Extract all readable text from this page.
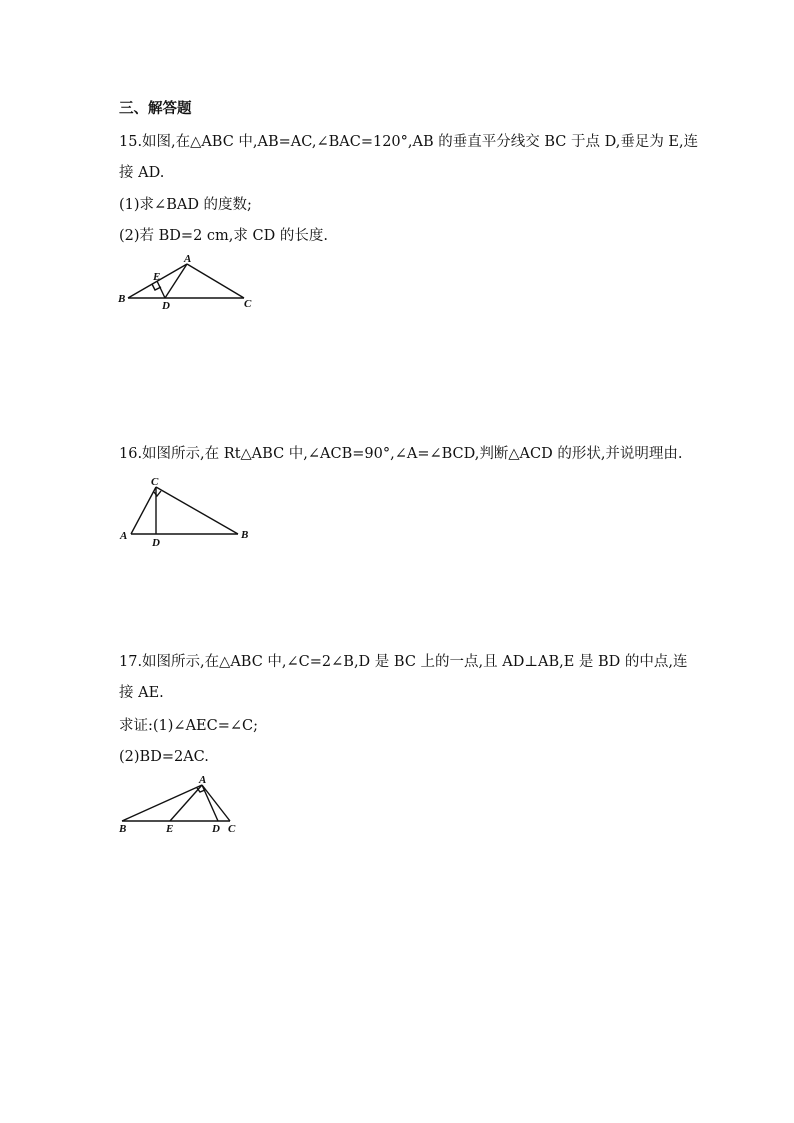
三、解答题
15.如图,在△ABC 中,AB=AC,∠BAC=120°,AB 的垂直平分线交 BC 于点 D,垂足为 E,连
接 AD.
(1)求∠BAD 的度数;
(2)若 BD=2 cm,求 CD 的长度.
A
B	C
D
E
16.如图所示,在 Rt△ABC 中,∠ACB=90°,∠A=∠BCD,判断△ACD 的形状,并说明理由.
A	B
C
D
17.如图所示,在△ABC 中,∠C=2∠B,D 是 BC 上的一点,且 AD⊥AB,E 是 BD 的中点,连
接 AE.
求证:(1)∠AEC=∠C;
(2)BD=2AC.
A
B	C
D
E
